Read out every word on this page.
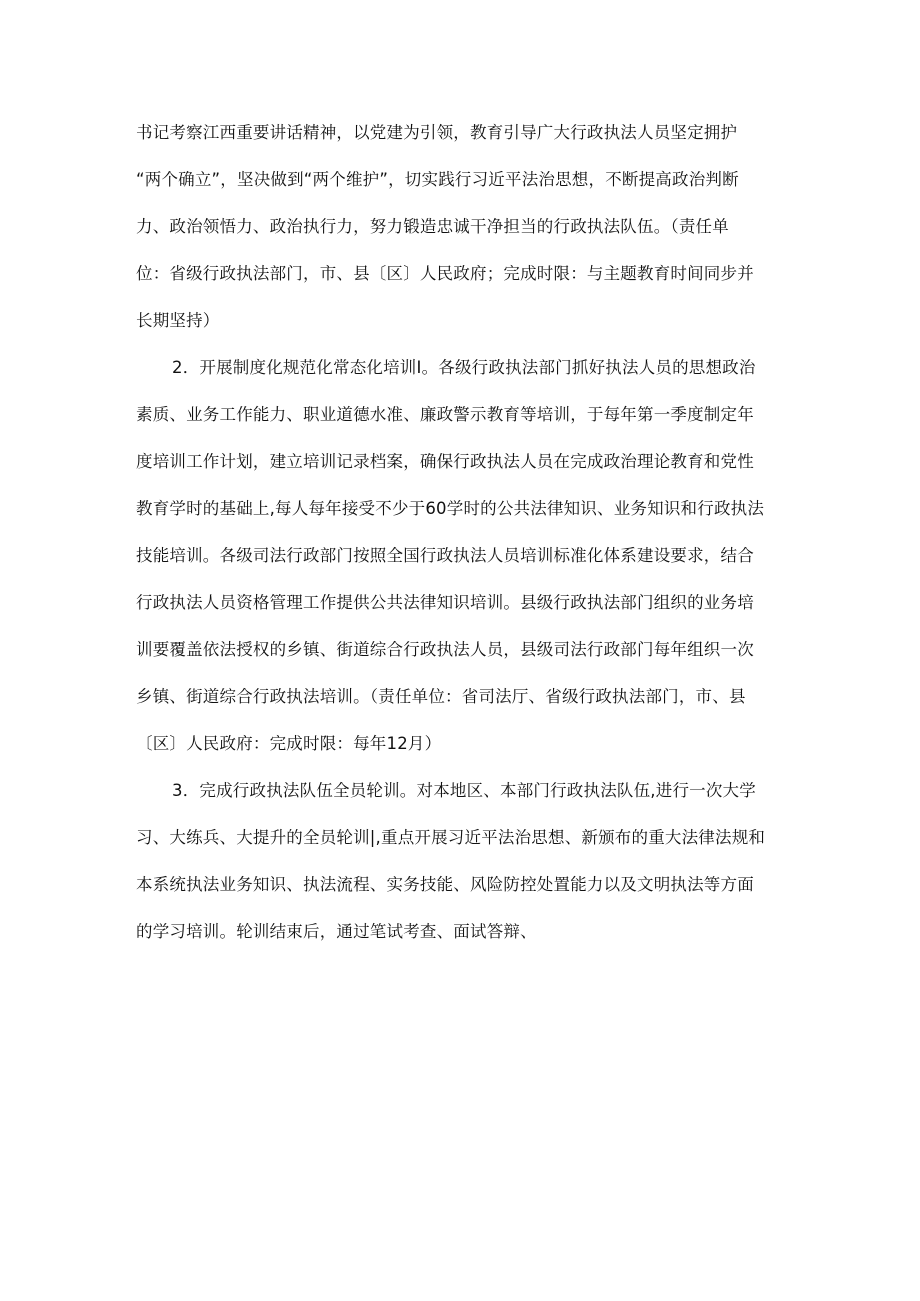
书记考察江西重要讲话精神，以党建为引领，教育引导广大行政执法人员坚定拥护
“两个确立”，坚决做到“两个维护”，切实践行习近平法治思想，不断提高政治判断
力、政治领悟力、政治执行力，努力锻造忠诚干净担当的行政执法队伍。（责任单
位：省级行政执法部门，市、县〔区〕人民政府；完成时限：与主题教育时间同步并
长期坚持）
2．开展制度化规范化常态化培训Ⅰ。各级行政执法部门抓好执法人员的思想政治
素质、业务工作能力、职业道德水准、廉政警示教育等培训，于每年第一季度制定年
度培训工作计划，建立培训记录档案，确保行政执法人员在完成政治理论教育和党性
教育学时的基础上,每人每年接受不少于60学时的公共法律知识、业务知识和行政执法
技能培训。各级司法行政部门按照全国行政执法人员培训标准化体系建设要求，结合
行政执法人员资格管理工作提供公共法律知识培训。县级行政执法部门组织的业务培
训要覆盖依法授权的乡镇、街道综合行政执法人员，县级司法行政部门每年组织一次
乡镇、街道综合行政执法培训。（责任单位：省司法厅、省级行政执法部门，市、县
〔区〕人民政府：完成时限：每年12月）
3．完成行政执法队伍全员轮训。对本地区、本部门行政执法队伍,进行一次大学
习、大练兵、大提升的全员轮训|,重点开展习近平法治思想、新颁布的重大法律法规和
本系统执法业务知识、执法流程、实务技能、风险防控处置能力以及文明执法等方面
的学习培训。轮训结束后，通过笔试考查、面试答辩、
